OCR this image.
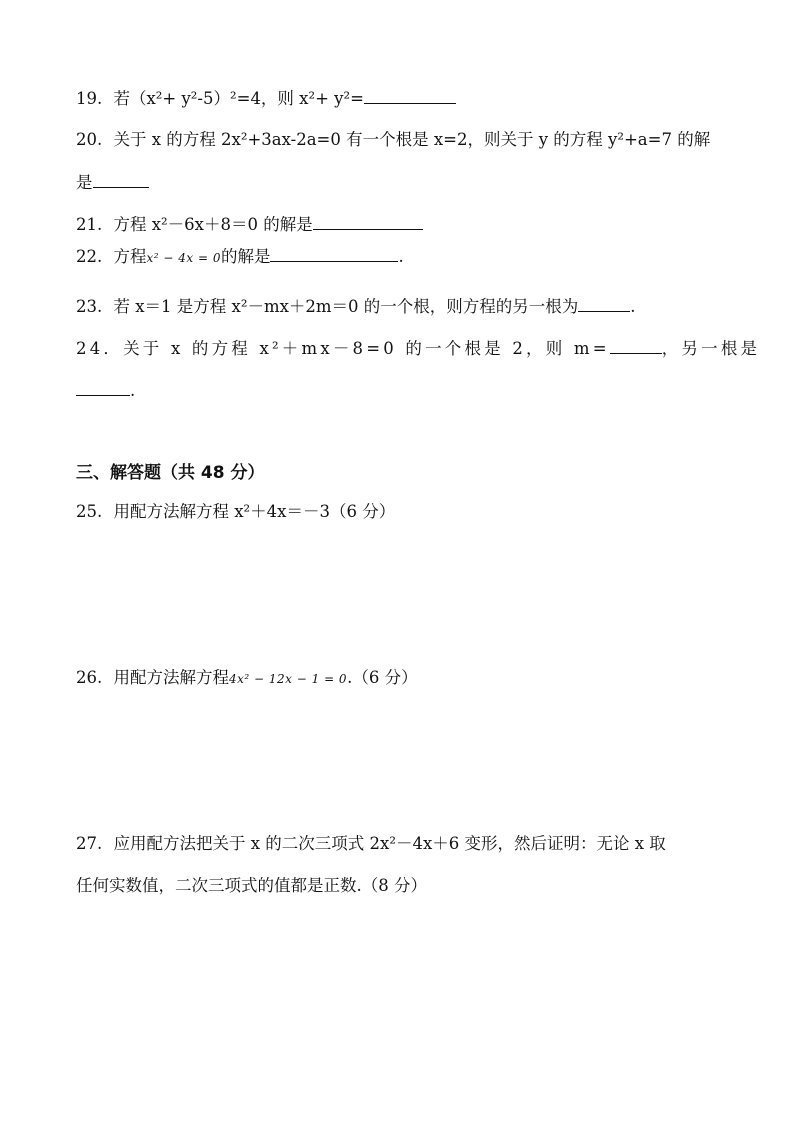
19. 若（x²+ y²-5）²=4，则 x²+ y²=
20. 关于 x 的方程 2x²+3ax-2a=0 有一个根是 x=2，则关于 y 的方程 y²+a=7 的解
是
21. 方程 x²－6x＋8＝0 的解是
22. 方程x² − 4x = 0的解是	.
23. 若 x＝1 是方程 x²－mx＋2m＝0 的一个根，则方程的另一根为	.
24．关于 x 的方程 x²＋mx－8=0 的一个根是 2，则 m=	，另一根是
.
三、解答题（共 48 分）
25. 用配方法解方程 x²＋4x＝－3（6 分）
26. 用配方法解方程4x² − 12x − 1 = 0.（6 分）
27. 应用配方法把关于 x 的二次三项式 2x²－4x＋6 变形，然后证明：无论 x 取
任何实数值，二次三项式的值都是正数.（8 分）
